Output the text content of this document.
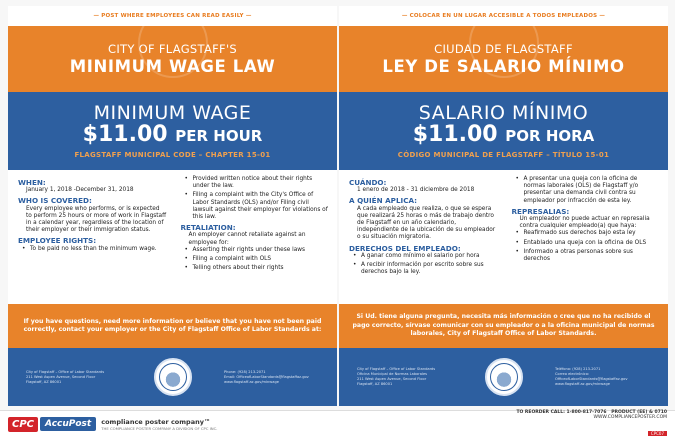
— POST WHERE EMPLOYEES CAN READ EASILY —
CITY OF FLAGSTAFF'S
MINIMUM WAGE LAW
MINIMUM WAGE
$11.00 PER HOUR
FLAGSTAFF MUNICIPAL CODE – CHAPTER 15-01
WHEN:
January 1, 2018 -December 31, 2018
WHO IS COVERED:
Every employee who performs, or is expected to perform 25 hours or more of work in Flagstaff in a calendar year, regardless of the location of their employer or their immigration status.
EMPLOYEE RIGHTS:
• To be paid no less than the minimum wage.
• Provided written notice about their rights under the law.
• Filing a complaint with the City's Office of Labor Standards (OLS) and/or Filing civil lawsuit against their employer for violations of this law.
RETALIATION:
An employer cannot retaliate against an employee for:
• Asserting their rights under these laws
• Filing a complaint with OLS
• Telling others about their rights
If you have questions, need more information or believe that you have not been paid correctly, contact your employer or the City of Flagstaff Office of Labor Standards at:
City of Flagstaff – Office of Labor Standards
211 West Aspen Avenue, Second Floor
Flagstaff, AZ 86001
Phone: (928) 213-2071
Email: OfficeofLaborStandards@flagstaffaz.gov
www.flagstaff.az.gov/minwage
— COLOCAR EN UN LUGAR ACCESIBLE A TODOS EMPLEADOS —
CIUDAD DE FLAGSTAFF
LEY DE SALARIO MÍNIMO
SALARIO MÍNIMO
$11.00 POR HORA
CÓDIGO MUNICIPAL DE FLAGSTAFF – TÍTULO 15-01
CUÁNDO:
1 enero de 2018 - 31 diciembre de 2018
A QUIÉN APLICA:
A cada empleado que realiza, o que se espera que realizará 25 horas o más de trabajo dentro de Flagstaff en un año calendario, independiente de la ubicación de su empleador o su situación migratoria.
DERECHOS DEL EMPLEADO:
• A ganar como mínimo el salario por hora
• A recibir información por escrito sobre sus derechos bajo la ley.
• A presentar una queja con la oficina de normas laborales (OLS) de Flagstaff y/o presentar una demanda civil contra su empleador por infracción de esta ley.
REPRESALIAS:
Un empleador no puede actuar en represalia contra cualquier empleado(a) que haya:
• Reafirmado sus derechos bajo esta ley
• Entablado una queja con la oficina de OLS
• Informado a otras personas sobre sus derechos
Si Ud. tiene alguna pregunta, necesita más información o cree que no ha recibido el pago correcto, sírvase comunicar con su empleador o a la oficina municipal de normas laborales, City of Flagstaff Office of Labor Standards.
City of Flagstaff – Office of Labor Standards
Oficina Municipal de Normas Laborales
211 West Aspen Avenue, Second Floor
Flagstaff, AZ 86001
Teléfono: (928) 213-2071
Correo electrónico: OfficeofLaborStandards@flagstaffaz.gov
www.flagstaff.az.gov/minwage
CPC	AccuPost	compliance poster company™
THE COMPLIANCE POSTER COMPANY A DIVISION OF CPC INC.
TO REORDER CALL: 1-800-817-7076 PRODUCT (EE) & 0710
WWW.COMPLIANCEPOSTER.COM
CPC07
